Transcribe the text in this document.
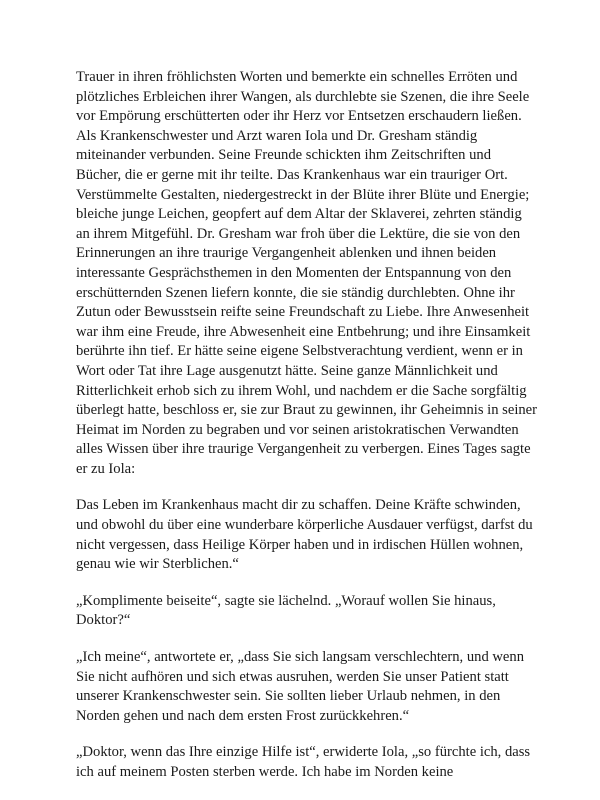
Trauer in ihren fröhlichsten Worten und bemerkte ein schnelles Erröten und plötzliches Erbleichen ihrer Wangen, als durchlebte sie Szenen, die ihre Seele vor Empörung erschütterten oder ihr Herz vor Entsetzen erschaudern ließen. Als Krankenschwester und Arzt waren Iola und Dr. Gresham ständig miteinander verbunden. Seine Freunde schickten ihm Zeitschriften und Bücher, die er gerne mit ihr teilte. Das Krankenhaus war ein trauriger Ort. Verstümmelte Gestalten, niedergestreckt in der Blüte ihrer Blüte und Energie; bleiche junge Leichen, geopfert auf dem Altar der Sklaverei, zehrten ständig an ihrem Mitgefühl. Dr. Gresham war froh über die Lektüre, die sie von den Erinnerungen an ihre traurige Vergangenheit ablenken und ihnen beiden interessante Gesprächsthemen in den Momenten der Entspannung von den erschütternden Szenen liefern konnte, die sie ständig durchlebten. Ohne ihr Zutun oder Bewusstsein reifte seine Freundschaft zu Liebe. Ihre Anwesenheit war ihm eine Freude, ihre Abwesenheit eine Entbehrung; und ihre Einsamkeit berührte ihn tief. Er hätte seine eigene Selbstverachtung verdient, wenn er in Wort oder Tat ihre Lage ausgenutzt hätte. Seine ganze Männlichkeit und Ritterlichkeit erhob sich zu ihrem Wohl, und nachdem er die Sache sorgfältig überlegt hatte, beschloss er, sie zur Braut zu gewinnen, ihr Geheimnis in seiner Heimat im Norden zu begraben und vor seinen aristokratischen Verwandten alles Wissen über ihre traurige Vergangenheit zu verbergen. Eines Tages sagte er zu Iola:

Das Leben im Krankenhaus macht dir zu schaffen. Deine Kräfte schwinden, und obwohl du über eine wunderbare körperliche Ausdauer verfügst, darfst du nicht vergessen, dass Heilige Körper haben und in irdischen Hüllen wohnen, genau wie wir Sterblichen.“

„Komplimente beiseite“, sagte sie lächelnd. „Worauf wollen Sie hinaus, Doktor?“

„Ich meine“, antwortete er, „dass Sie sich langsam verschlechtern, und wenn Sie nicht aufhören und sich etwas ausruhen, werden Sie unser Patient statt unserer Krankenschwester sein. Sie sollten lieber Urlaub nehmen, in den Norden gehen und nach dem ersten Frost zurückkehren.“

„Doktor, wenn das Ihre einzige Hilfe ist“, erwiderte Iola, „so fürchte ich, dass ich auf meinem Posten sterben werde. Ich habe im Norden keine
